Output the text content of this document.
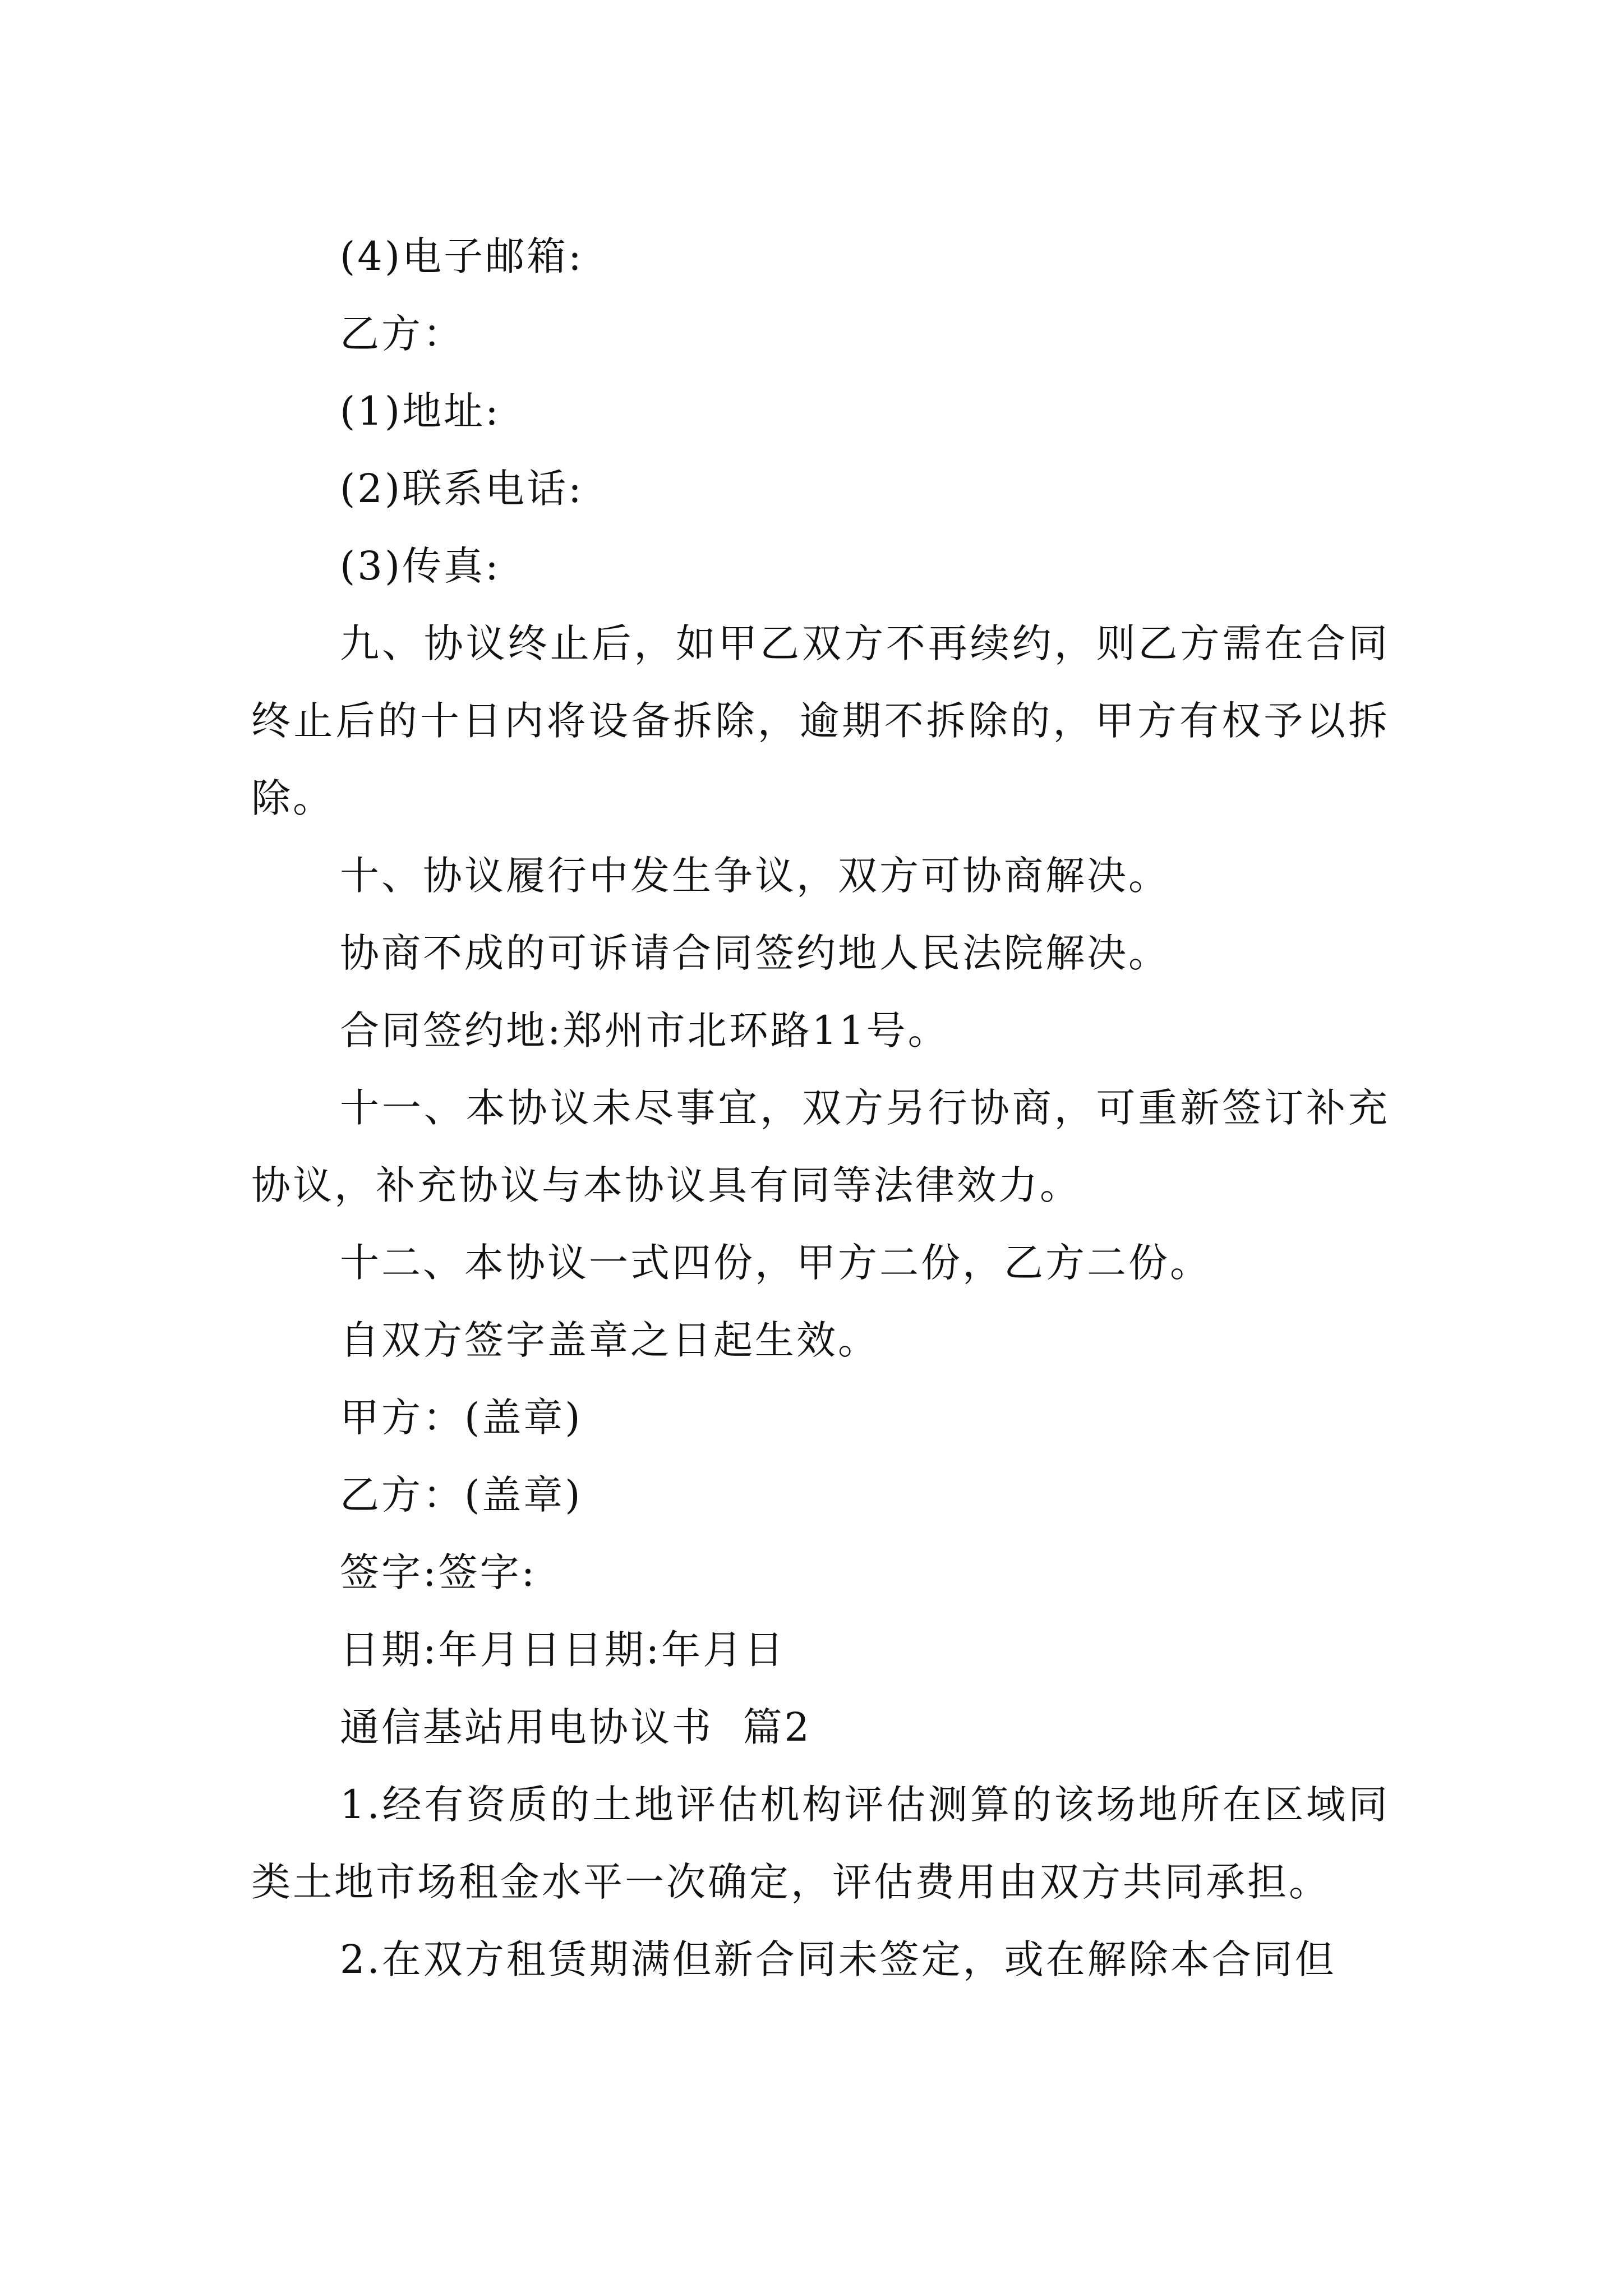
(4)电子邮箱:

乙方：

(1)地址:

(2)联系电话:

(3)传真:

九、协议终止后，如甲乙双方不再续约，则乙方需在合同终止后的十日内将设备拆除，逾期不拆除的，甲方有权予以拆除。

十、协议履行中发生争议，双方可协商解决。

协商不成的可诉请合同签约地人民法院解决。

合同签约地:郑州市北环路11号。

十一、本协议未尽事宜，双方另行协商，可重新签订补充协议，补充协议与本协议具有同等法律效力。

十二、本协议一式四份，甲方二份，乙方二份。

自双方签字盖章之日起生效。

甲方：(盖章)

乙方：(盖章)

签字:签字:

日期:年月日日期:年月日

通信基站用电协议书  篇2

1.经有资质的土地评估机构评估测算的该场地所在区域同类土地市场租金水平一次确定，评估费用由双方共同承担。

2.在双方租赁期满但新合同未签定，或在解除本合同但
